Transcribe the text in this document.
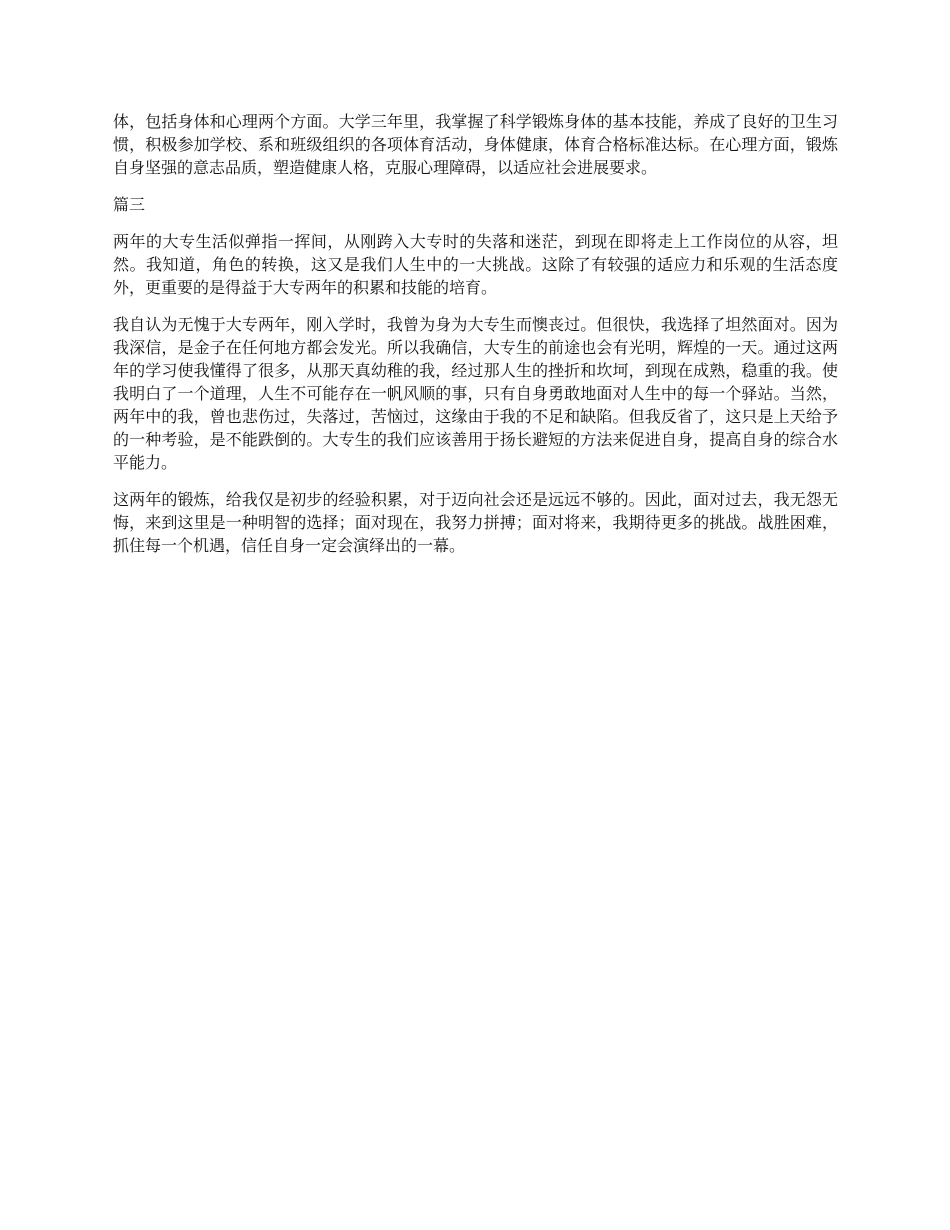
体，包括身体和心理两个方面。大学三年里，我掌握了科学锻炼身体的基本技能，养成了良好的卫生习惯，积极参加学校、系和班级组织的各项体育活动，身体健康，体育合格标准达标。在心理方面，锻炼自身坚强的意志品质，塑造健康人格，克服心理障碍，以适应社会进展要求。

篇三

两年的大专生活似弹指一挥间，从刚跨入大专时的失落和迷茫，到现在即将走上工作岗位的从容，坦然。我知道，角色的转换，这又是我们人生中的一大挑战。这除了有较强的适应力和乐观的生活态度外，更重要的是得益于大专两年的积累和技能的培育。

我自认为无愧于大专两年，刚入学时，我曾为身为大专生而懊丧过。但很快，我选择了坦然面对。因为我深信，是金子在任何地方都会发光。所以我确信，大专生的前途也会有光明，辉煌的一天。通过这两年的学习使我懂得了很多，从那天真幼稚的我，经过那人生的挫折和坎坷，到现在成熟，稳重的我。使我明白了一个道理，人生不可能存在一帆风顺的事，只有自身勇敢地面对人生中的每一个驿站。当然，两年中的我，曾也悲伤过，失落过，苦恼过，这缘由于我的不足和缺陷。但我反省了，这只是上天给予的一种考验，是不能跌倒的。大专生的我们应该善用于扬长避短的方法来促进自身，提高自身的综合水平能力。

这两年的锻炼，给我仅是初步的经验积累，对于迈向社会还是远远不够的。因此，面对过去，我无怨无悔，来到这里是一种明智的选择；面对现在，我努力拼搏；面对将来，我期待更多的挑战。战胜困难，抓住每一个机遇，信任自身一定会演绎出的一幕。
